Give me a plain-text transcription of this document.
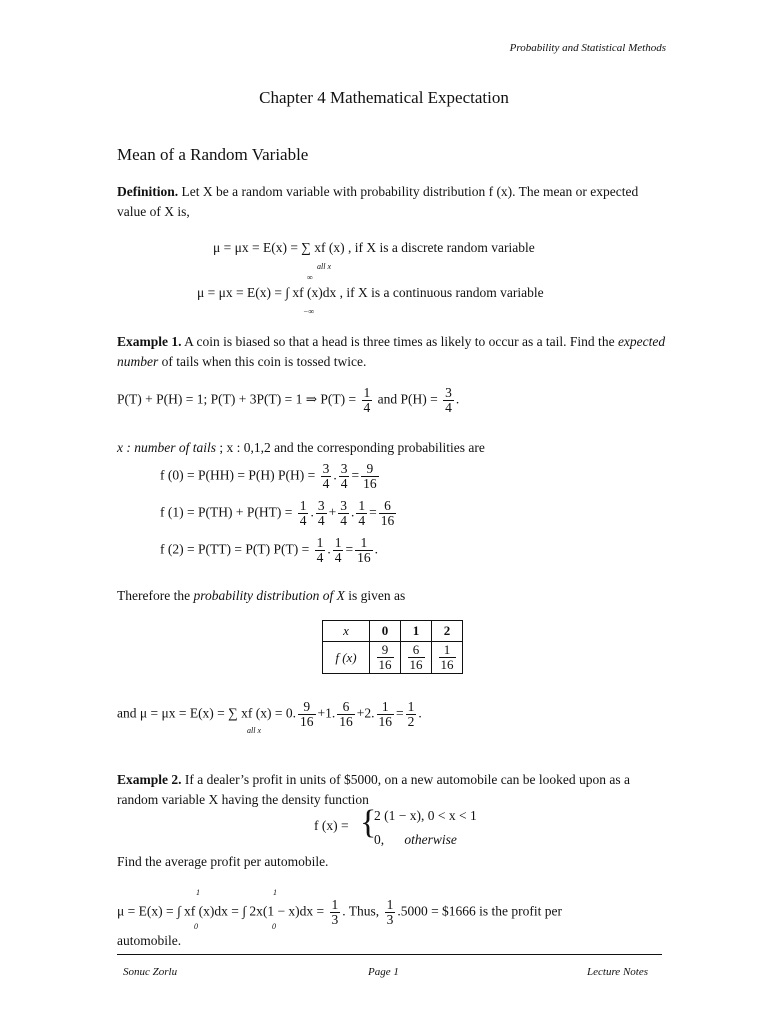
Probability and Statistical Methods
Chapter 4 Mathematical Expectation
Mean of a Random Variable
Definition. Let X be a random variable with probability distribution f (x). The mean or expected value of X is,
μ = μx = E(x) = ∑ xf (x) , if X is a discrete random variable
all x
∞
μ = μx = E(x) = ∫ xf (x)dx , if X is a continuous random variable
−∞
Example 1. A coin is biased so that a head is three times as likely to occur as a tail. Find the expected number of tails when this coin is tossed twice.
P(T) + P(H) = 1; P(T) + 3P(T) = 1 ⇒ $P(T) = \frac{1}{4}$ and $P(H) = \frac{3}{4}$ .
x : number of tails ; x : 0,1,2 and the corresponding probabilities are
f (0) = P(HH) = P(H) $P(H) = \frac{3}{4}$ . $\frac{3}{4} = \frac{9}{16}$
f $(1) = P(TH) + P(HT) = \frac{1}{4}$ . $\frac{3}{4} + \frac{3}{4}$ . $\frac{1}{4} = \frac{6}{16}$
f (2) = P(TT) = P(T) $P(T) = \frac{1}{4}$ . $\frac{1}{4} = \frac{1}{16}$ .
Therefore the probability distribution of X is given as
x	0	1	2
f (x)	$\frac{9}{16}$	$\frac{6}{16}$	$\frac{1}{16}$
and μ = μx = E(x) = ∑ xf (x) = 0. $\frac{9}{16} +1$. $\frac{6}{16} +2$. $\frac{1}{16} = \frac{1}{2}$ .
all x
Example 2. If a dealer’s profit in units of $5000, on a new automobile can be looked upon as a random variable X having the density function
f (x) = {
2 (1 − x), 0 < x < 1
0, otherwise
Find the average profit per automobile.
1	1
μ = E(x) = ∫ xf (x)dx = ∫ $2x(1 - x)dx = \frac{1}{3}$ . Thus, $\frac{1}{3} .5000$ = $1666 is the profit per
0	0
automobile.
Sonuc Zorlu	Page 1	Lecture Notes
